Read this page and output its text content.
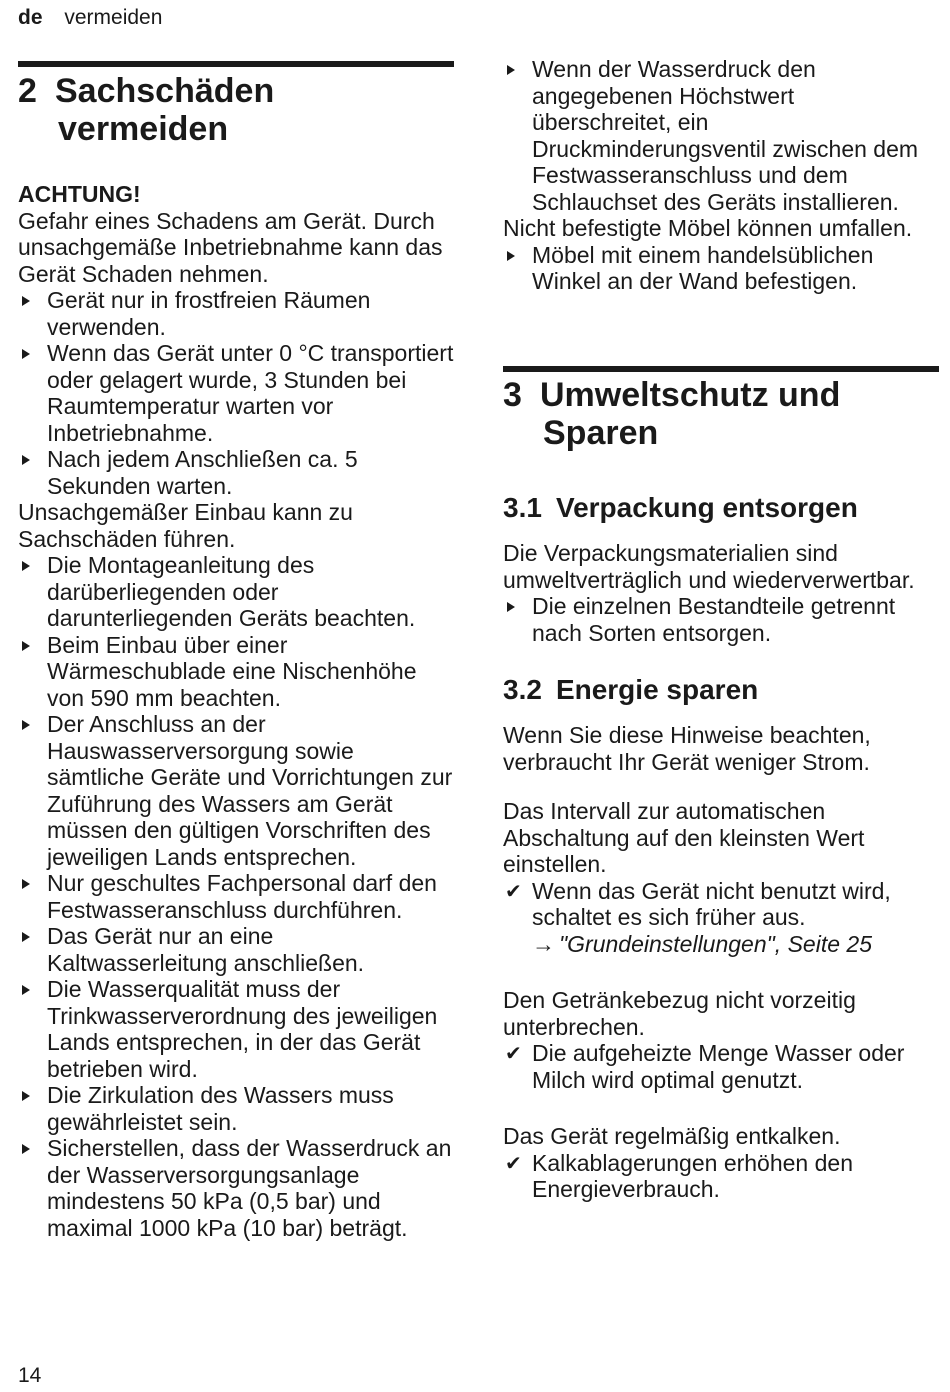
de vermeiden
2 Sachschäden
vermeiden

ACHTUNG!

Gefahr eines Schadens am Gerät. Durch unsachgemäße Inbetriebnahme kann das Gerät Schaden nehmen.

Gerät nur in frostfreien Räumen verwenden.
Wenn das Gerät unter 0 °C transportiert oder gelagert wurde, 3 Stunden bei Raumtemperatur warten vor Inbetriebnahme.
Nach jedem Anschließen ca. 5 Sekunden warten.

Unsachgemäßer Einbau kann zu Sachschäden führen.

Die Montageanleitung des darüberliegenden oder darunterliegenden Geräts beachten.
Beim Einbau über einer Wärmeschublade eine Nischenhöhe von 590 mm beachten.
Der Anschluss an der Hauswasserversorgung sowie sämtliche Geräte und Vorrichtungen zur Zuführung des Wassers am Gerät müssen den gültigen Vorschriften des jeweiligen Lands entsprechen.
Nur geschultes Fachpersonal darf den Festwasseranschluss durchführen.
Das Gerät nur an eine Kaltwasserleitung anschließen.
Die Wasserqualität muss der Trinkwasserverordnung des jeweiligen Lands entsprechen, in der das Gerät betrieben wird.
Die Zirkulation des Wassers muss gewährleistet sein.
Sicherstellen, dass der Wasserdruck an der Wasserversorgungsanlage mindestens 50 kPa (0,5 bar) und maximal 1000 kPa (10 bar) beträgt.
Wenn der Wasserdruck den angegebenen Höchstwert überschreitet, ein Druckminderungsventil zwischen dem Festwasseranschluss und dem Schlauchset des Geräts installieren.

Nicht befestigte Möbel können umfallen.

Möbel mit einem handelsüblichen Winkel an der Wand befestigen.
3 Umweltschutz und
Sparen
3.1 Verpackung entsorgen

Die Verpackungsmaterialien sind umweltverträglich und wiederverwertbar.

Die einzelnen Bestandteile getrennt nach Sorten entsorgen.
3.2 Energie sparen

Wenn Sie diese Hinweise beachten, verbraucht Ihr Gerät weniger Strom.

Das Intervall zur automatischen Abschaltung auf den kleinsten Wert einstellen.

✔ Wenn das Gerät nicht benutzt wird, schaltet es sich früher aus.
→ "Grundeinstellungen", Seite 25

Den Getränkebezug nicht vorzeitig unterbrechen.

✔ Die aufgeheizte Menge Wasser oder Milch wird optimal genutzt.

Das Gerät regelmäßig entkalken.

✔ Kalkablagerungen erhöhen den Energieverbrauch.
14
